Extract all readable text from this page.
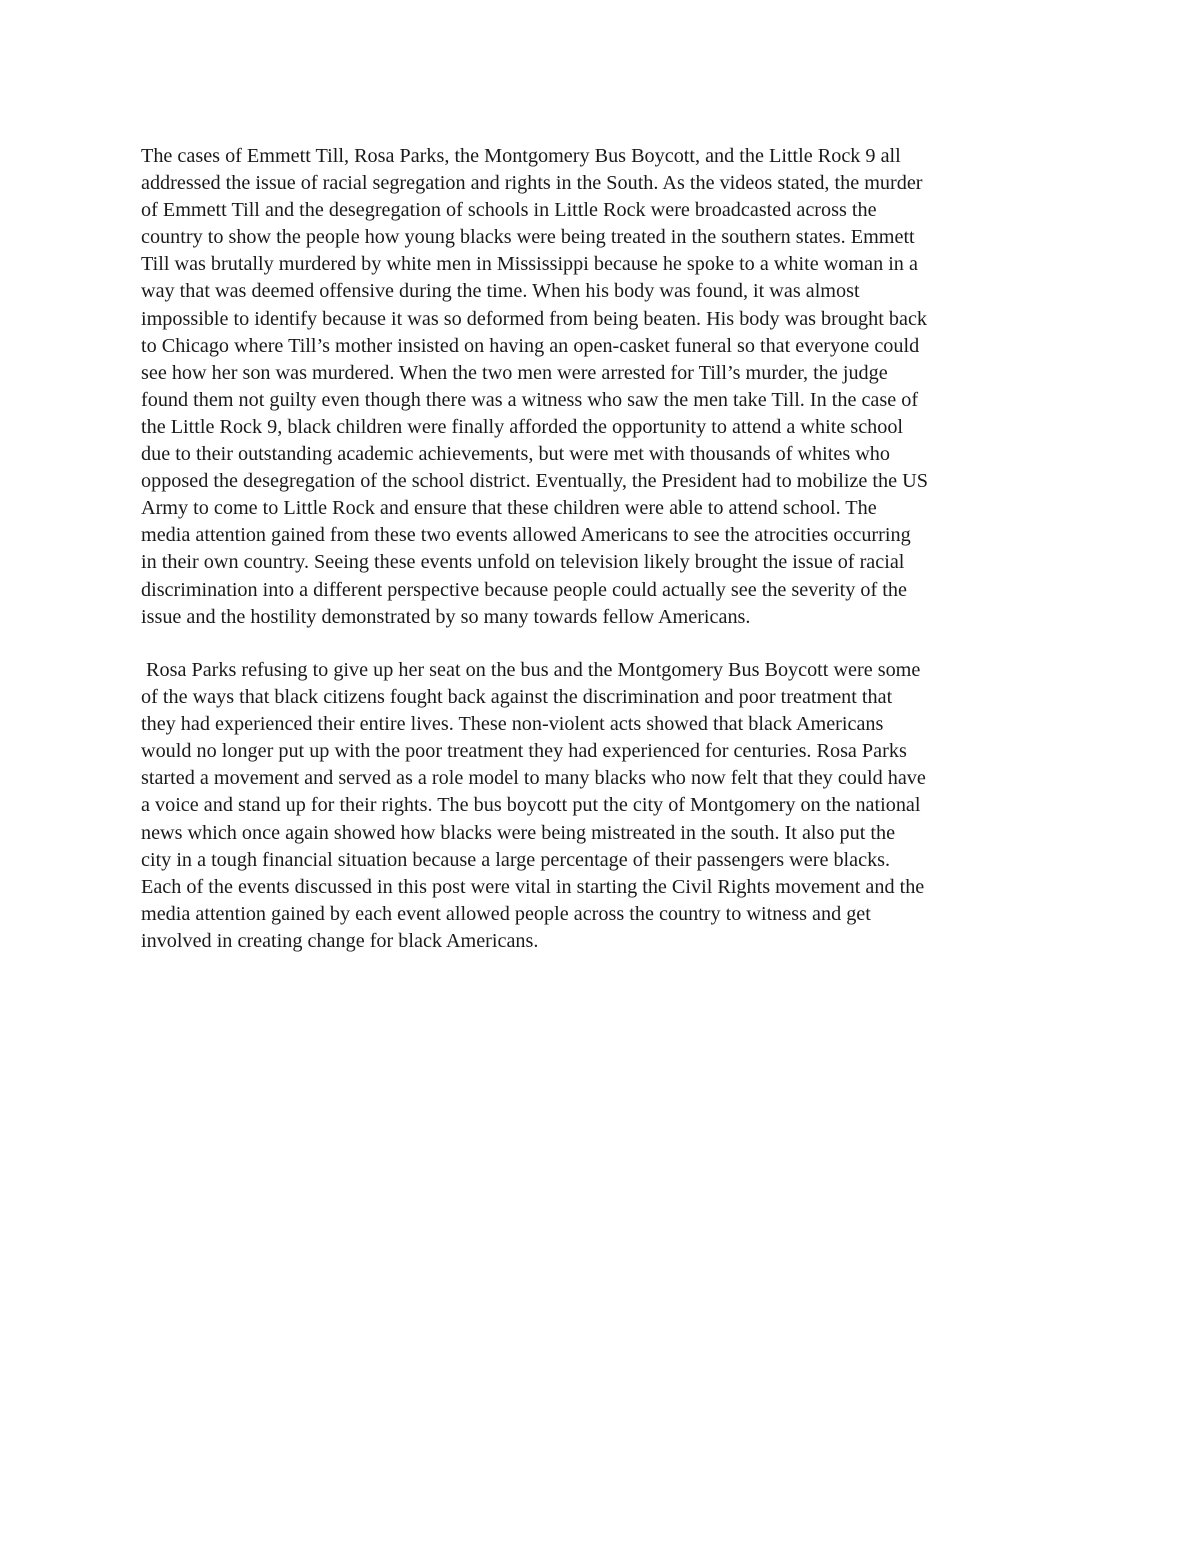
The cases of Emmett Till, Rosa Parks, the Montgomery Bus Boycott, and the Little Rock 9 all
addressed the issue of racial segregation and rights in the South. As the videos stated, the murder
of Emmett Till and the desegregation of schools in Little Rock were broadcasted across the
country to show the people how young blacks were being treated in the southern states. Emmett
Till was brutally murdered by white men in Mississippi because he spoke to a white woman in a
way that was deemed offensive during the time. When his body was found, it was almost
impossible to identify because it was so deformed from being beaten. His body was brought back
to Chicago where Till’s mother insisted on having an open-casket funeral so that everyone could
see how her son was murdered. When the two men were arrested for Till’s murder, the judge
found them not guilty even though there was a witness who saw the men take Till. In the case of
the Little Rock 9, black children were finally afforded the opportunity to attend a white school
due to their outstanding academic achievements, but were met with thousands of whites who
opposed the desegregation of the school district. Eventually, the President had to mobilize the US
Army to come to Little Rock and ensure that these children were able to attend school. The
media attention gained from these two events allowed Americans to see the atrocities occurring
in their own country. Seeing these events unfold on television likely brought the issue of racial
discrimination into a different perspective because people could actually see the severity of the
issue and the hostility demonstrated by so many towards fellow Americans.
Rosa Parks refusing to give up her seat on the bus and the Montgomery Bus Boycott were some
of the ways that black citizens fought back against the discrimination and poor treatment that
they had experienced their entire lives. These non-violent acts showed that black Americans
would no longer put up with the poor treatment they had experienced for centuries. Rosa Parks
started a movement and served as a role model to many blacks who now felt that they could have
a voice and stand up for their rights. The bus boycott put the city of Montgomery on the national
news which once again showed how blacks were being mistreated in the south. It also put the
city in a tough financial situation because a large percentage of their passengers were blacks.
Each of the events discussed in this post were vital in starting the Civil Rights movement and the
media attention gained by each event allowed people across the country to witness and get
involved in creating change for black Americans.
